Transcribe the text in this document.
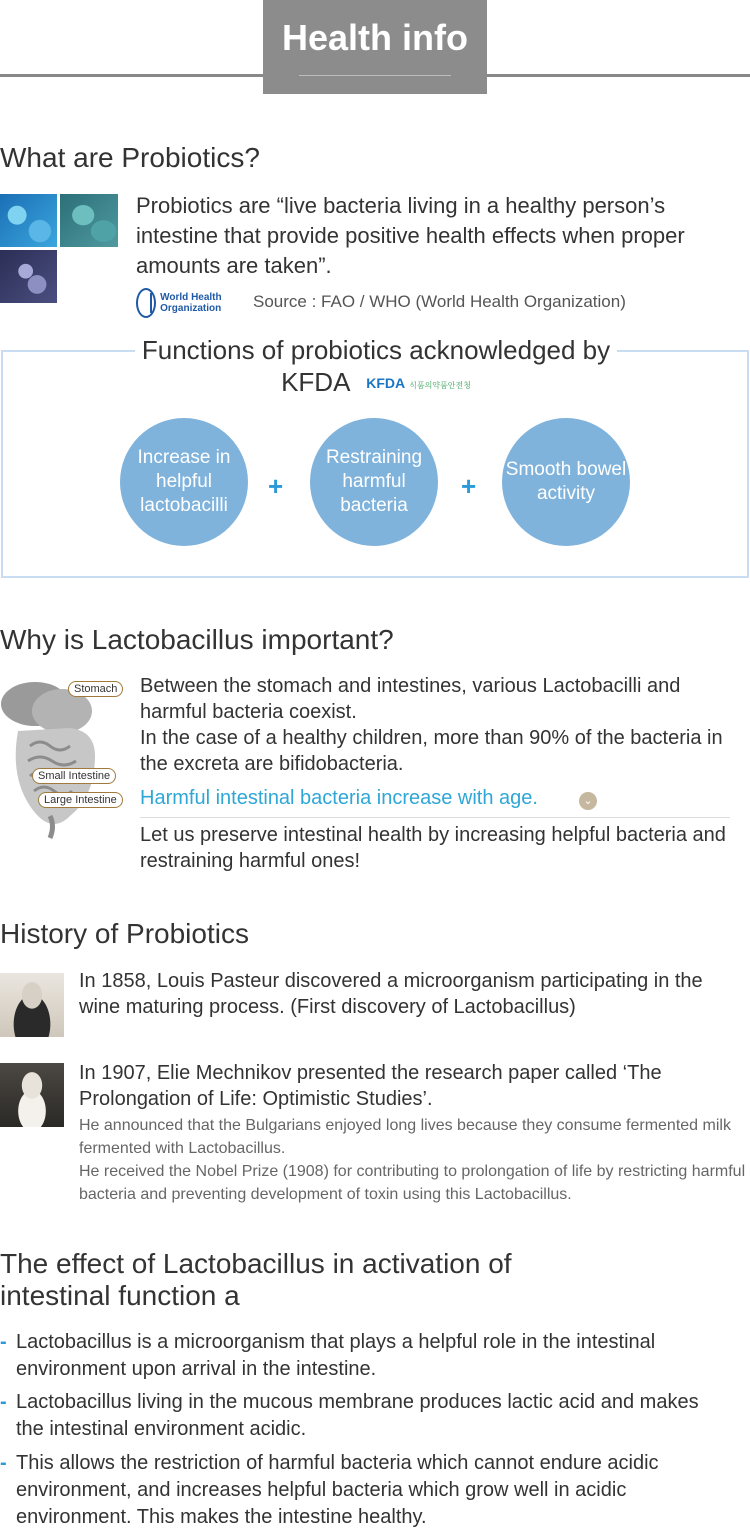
Health info
What are Probiotics?
Probiotics are “live bacteria living in a healthy person’s intestine that provide positive health effects when proper amounts are taken”.
World Health Organization	Source : FAO / WHO (World Health Organization)
Functions of probiotics acknowledged by KFDA KFDA 식품의약품안전청
Increase in helpful lactobacilli
+
Restraining harmful bacteria
+
Smooth bowel activity
Why is Lactobacillus important?
Stomach
Small Intestine
Large Intestine
Between the stomach and intestines, various Lactobacilli and harmful bacteria coexist.
In the case of a healthy children, more than 90% of the bacteria in the excreta are bifidobacteria.
Harmful intestinal bacteria increase with age.	⌄
Let us preserve intestinal health by increasing helpful bacteria and restraining harmful ones!
History of Probiotics
In 1858, Louis Pasteur discovered a microorganism participating in the wine maturing process. (First discovery of Lactobacillus)
In 1907, Elie Mechnikov presented the research paper called ‘The Prolongation of Life: Optimistic Studies’.
He announced that the Bulgarians enjoyed long lives because they consume fermented milk fermented with Lactobacillus.
He received the Nobel Prize (1908) for contributing to prolongation of life by restricting harmful bacteria and preventing development of toxin using this Lactobacillus.
The effect of Lactobacillus in activation of intestinal function a
- Lactobacillus is a microorganism that plays a helpful role in the intestinal environment upon arrival in the intestine.
- Lactobacillus living in the mucous membrane produces lactic acid and makes the intestinal environment acidic.
- This allows the restriction of harmful bacteria which cannot endure acidic environment, and increases helpful bacteria which grow well in acidic environment. This makes the intestine healthy.
